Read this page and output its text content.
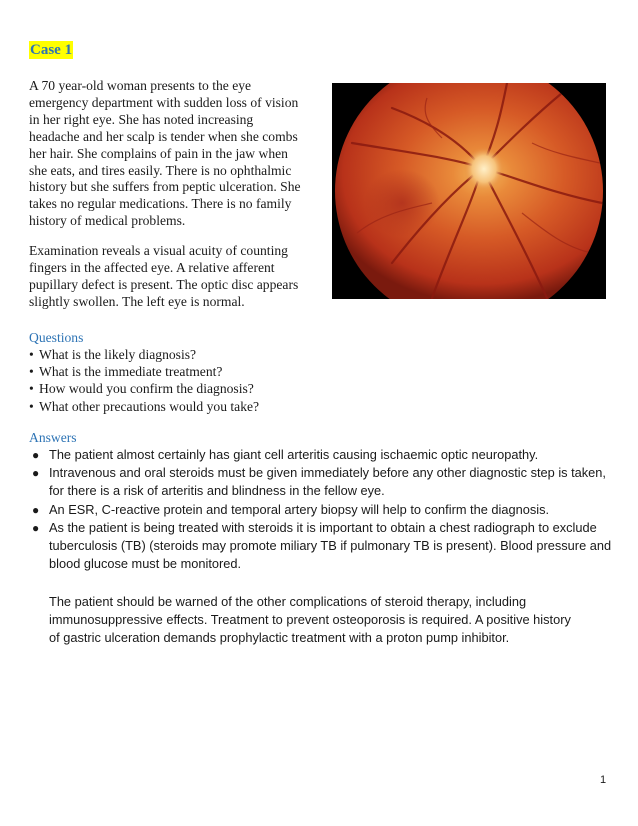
Case 1

A 70 year-old woman presents to the eye
emergency department with sudden loss of vision
in her right eye. She has noted increasing
headache and her scalp is tender when she combs
her hair. She complains of pain in the jaw when
she eats, and tires easily. There is no ophthalmic
history but she suffers from peptic ulceration. She
takes no regular medications. There is no family
history of medical problems.

Examination reveals a visual acuity of counting
fingers in the affected eye. A relative afferent
pupillary defect is present. The optic disc appears
slightly swollen. The left eye is normal.

Questions
• What is the likely diagnosis?
• What is the immediate treatment?
• How would you confirm the diagnosis?
• What other precautions would you take?
Answers
● The patient almost certainly has giant cell arteritis causing ischaemic optic neuropathy.
● Intravenous and oral steroids must be given immediately before any other diagnostic step is taken, for there is a risk of arteritis and blindness in the fellow eye.
● An ESR, C-reactive protein and temporal artery biopsy will help to confirm the diagnosis.
● As the patient is being treated with steroids it is important to obtain a chest radiograph to exclude tuberculosis (TB) (steroids may promote miliary TB if pulmonary TB is present). Blood pressure and blood glucose must be monitored.

The patient should be warned of the other complications of steroid therapy, including
immunosuppressive effects. Treatment to prevent osteoporosis is required. A positive history
of gastric ulceration demands prophylactic treatment with a proton pump inhibitor.

1
